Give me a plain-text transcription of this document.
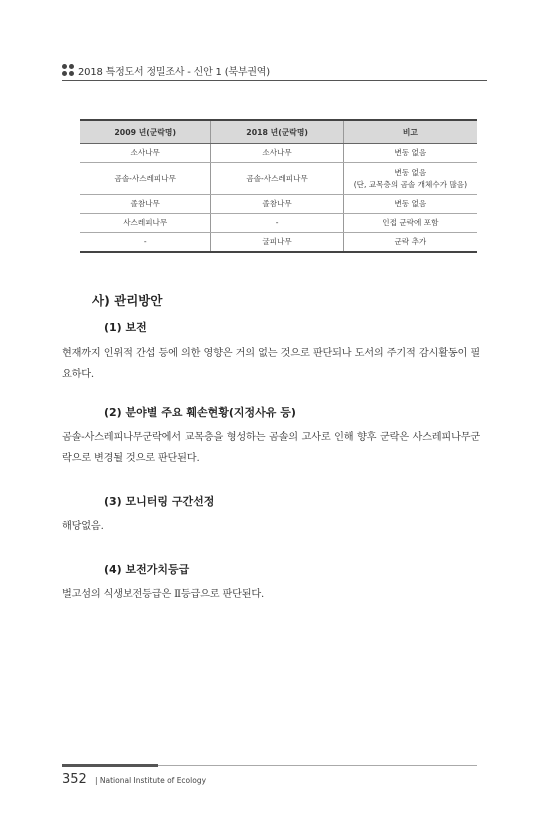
2018 특정도서 정밀조사 - 신안 1 (북부권역)
2009 년(군락명)	2018 년(군락명)	비고
소사나무	소사나무	변동 없음
곰솔-사스레피나무	곰솔-사스레피나무	변동 없음
(단, 교목층의 곰솔 개체수가 많음)

졸참나무	졸참나무	변동 없음
사스레피나무	-	인접 군락에 포함
-	굴피나무	군락 추가
사) 관리방안
(1) 보전
현재까지 인위적 간섭 등에 의한 영향은 거의 없는 것으로 판단되나 도서의 주기적 감시활동이 필요하다.
(2) 분야별 주요 훼손현황(지정사유 등)
곰솔-사스레피나무군락에서 교목층을 형성하는 곰솔의 고사로 인해 향후 군락은 사스레피나무군락으로 변경될 것으로 판단된다.
(3) 모니터링 구간선정
해당없음.
(4) 보전가치등급
벌고섬의 식생보전등급은 Ⅱ등급으로 판단된다.
352 | National Institute of Ecology
